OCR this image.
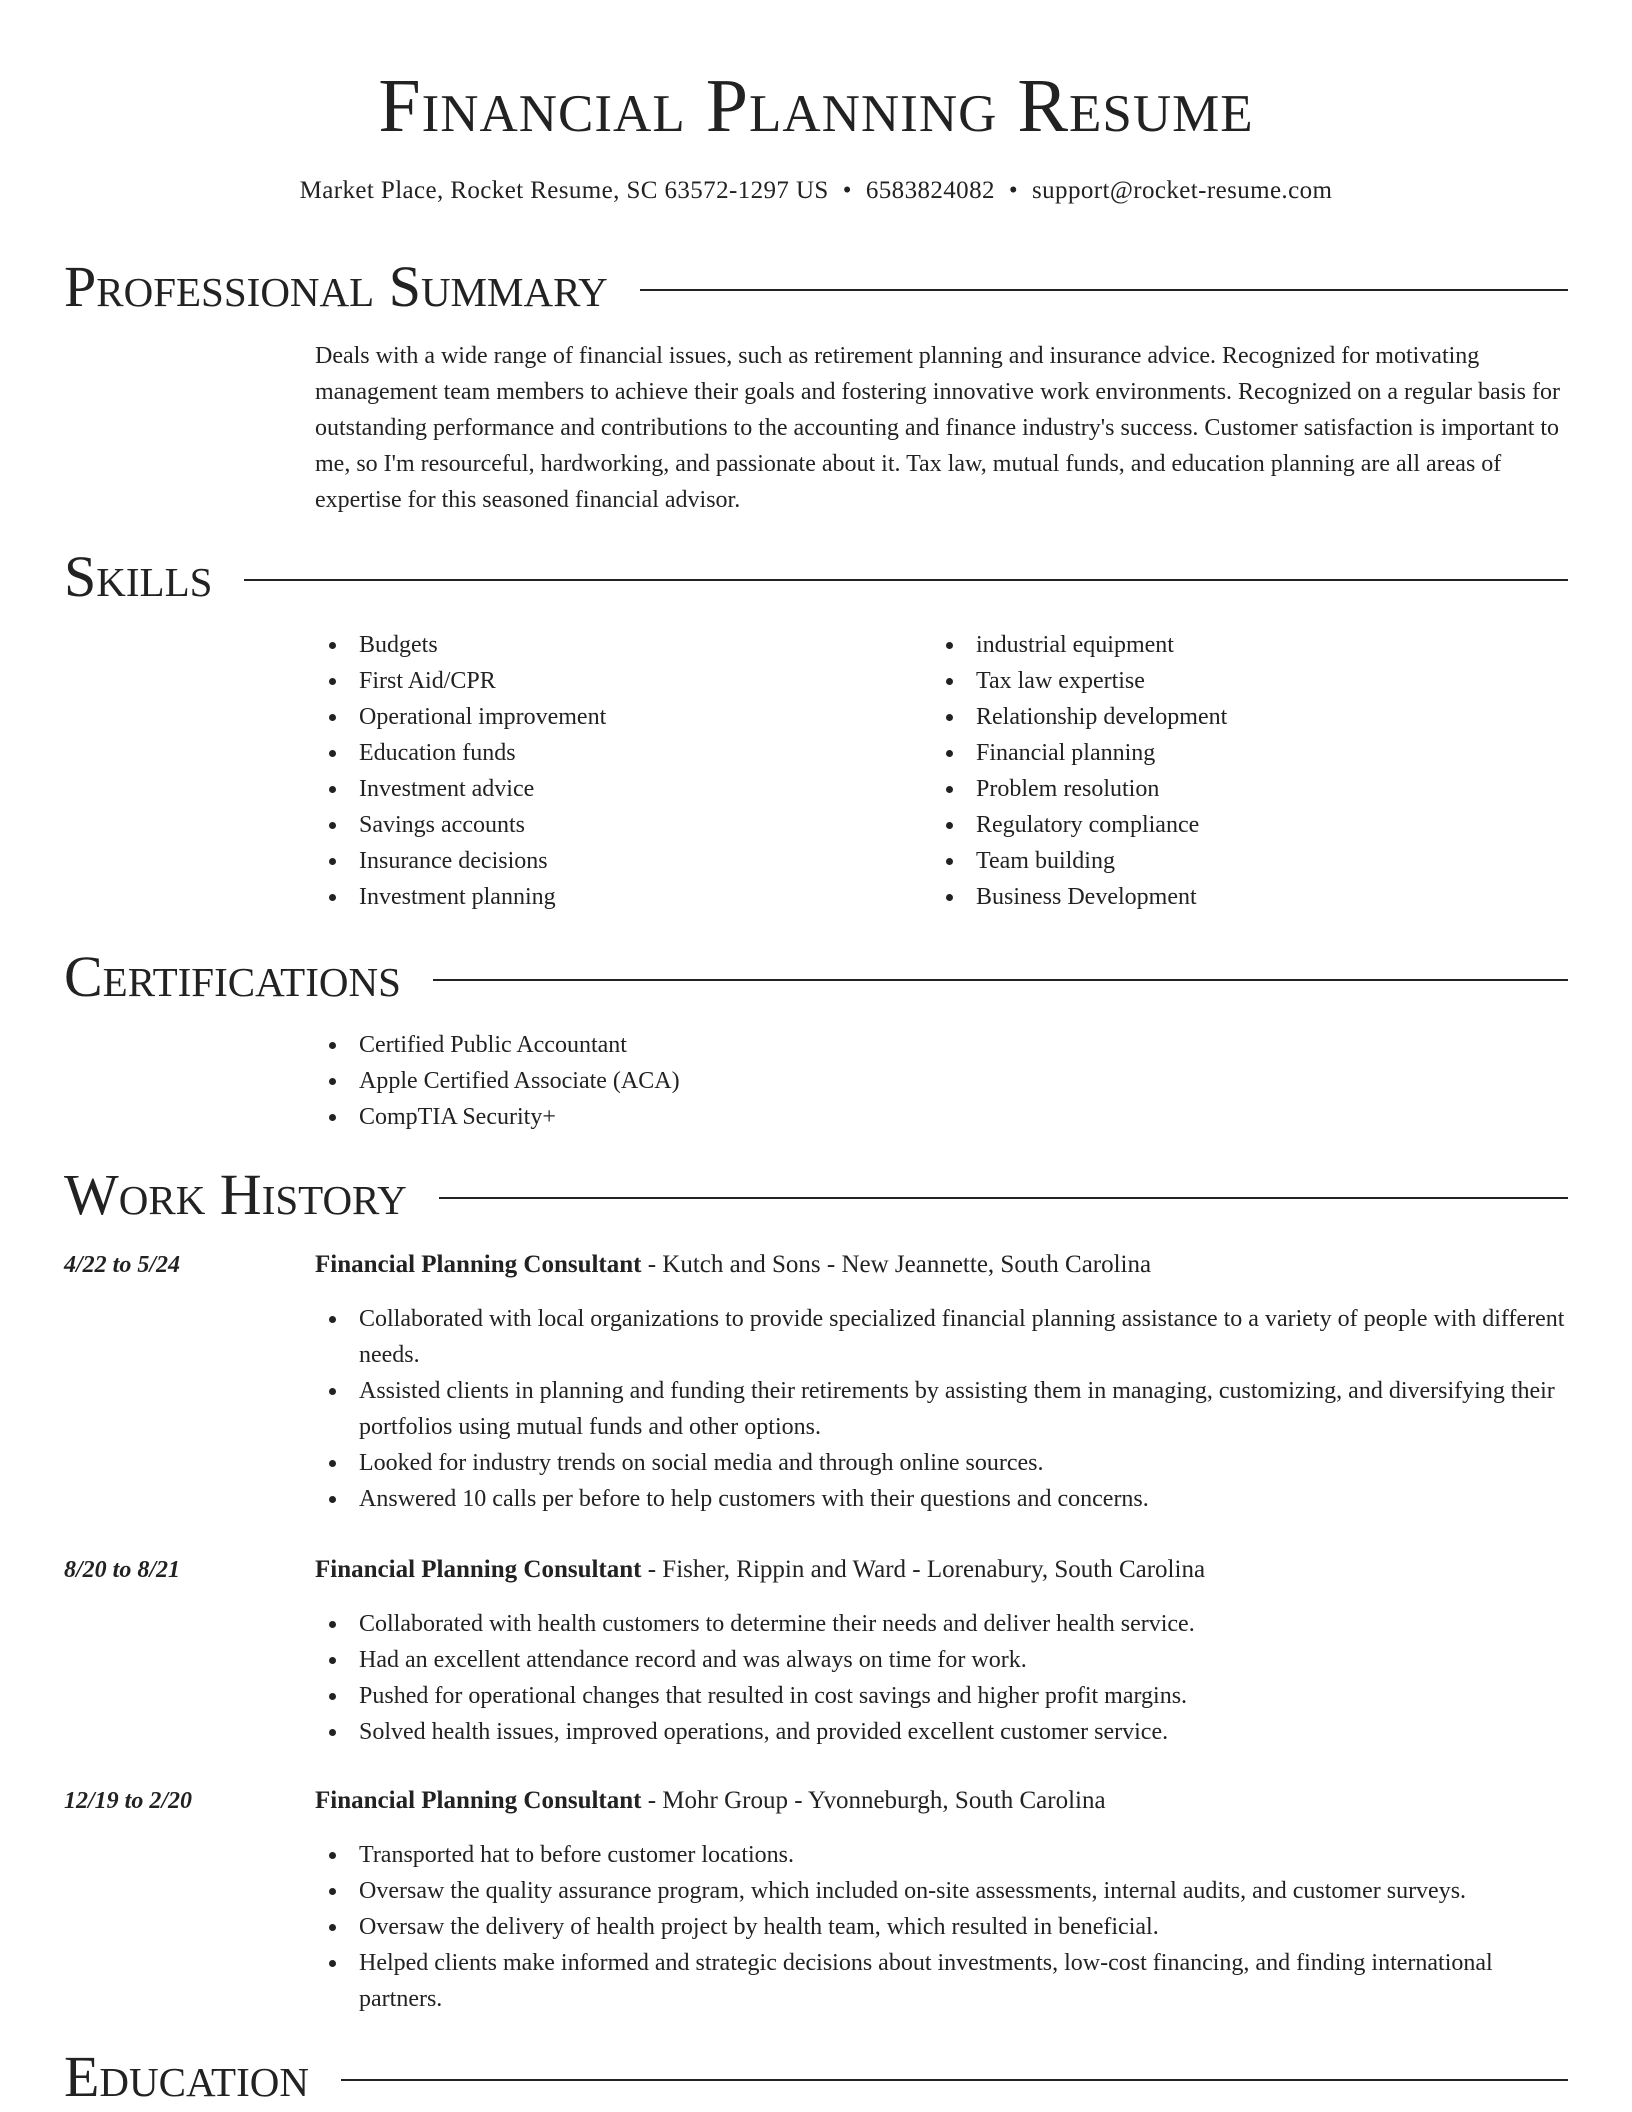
Financial Planning Resume
Market Place, Rocket Resume, SC 63572-1297 US • 6583824082 • support@rocket-resume.com
Professional Summary
Deals with a wide range of financial issues, such as retirement planning and insurance advice. Recognized for motivating management team members to achieve their goals and fostering innovative work environments. Recognized on a regular basis for outstanding performance and contributions to the accounting and finance industry's success. Customer satisfaction is important to me, so I'm resourceful, hardworking, and passionate about it. Tax law, mutual funds, and education planning are all areas of expertise for this seasoned financial advisor.
Skills
Budgets
First Aid/CPR
Operational improvement
Education funds
Investment advice
Savings accounts
Insurance decisions
Investment planning
industrial equipment
Tax law expertise
Relationship development
Financial planning
Problem resolution
Regulatory compliance
Team building
Business Development
Certifications
Certified Public Accountant
Apple Certified Associate (ACA)
CompTIA Security+
Work History
4/22 to 5/24	Financial Planning Consultant - Kutch and Sons - New Jeannette, South Carolina
Collaborated with local organizations to provide specialized financial planning assistance to a variety of people with different needs.
Assisted clients in planning and funding their retirements by assisting them in managing, customizing, and diversifying their portfolios using mutual funds and other options.
Looked for industry trends on social media and through online sources.
Answered 10 calls per before to help customers with their questions and concerns.
8/20 to 8/21	Financial Planning Consultant - Fisher, Rippin and Ward - Lorenabury, South Carolina
Collaborated with health customers to determine their needs and deliver health service.
Had an excellent attendance record and was always on time for work.
Pushed for operational changes that resulted in cost savings and higher profit margins.
Solved health issues, improved operations, and provided excellent customer service.
12/19 to 2/20	Financial Planning Consultant - Mohr Group - Yvonneburgh, South Carolina
Transported hat to before customer locations.
Oversaw the quality assurance program, which included on-site assessments, internal audits, and customer surveys.
Oversaw the delivery of health project by health team, which resulted in beneficial.
Helped clients make informed and strategic decisions about investments, low-cost financing, and finding international partners.
Education
